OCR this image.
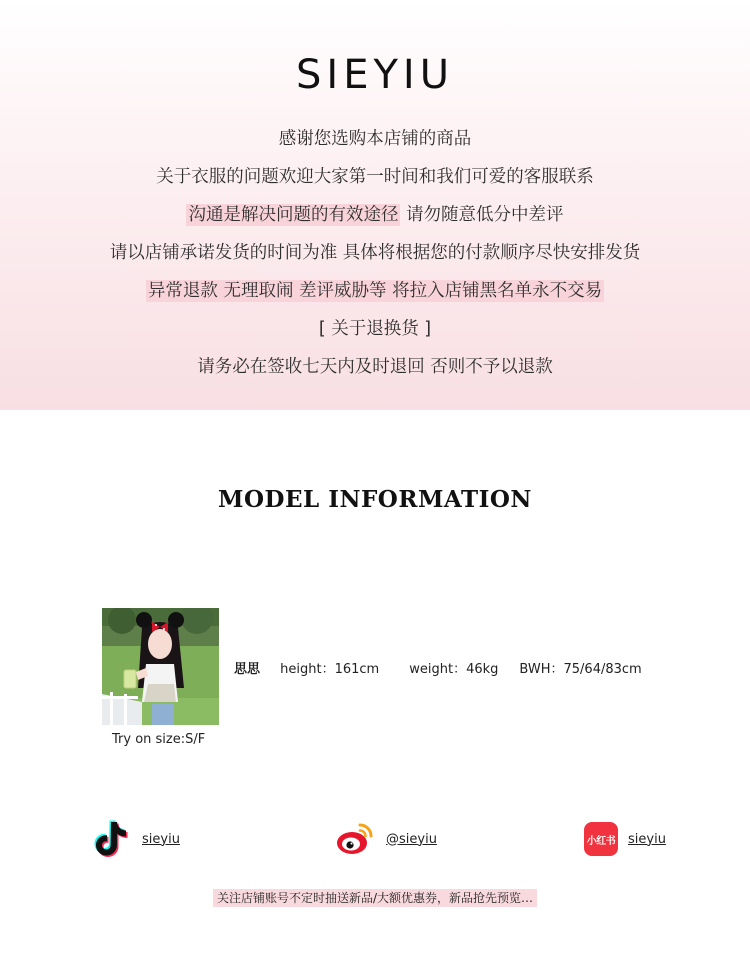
SIEYIU
感谢您选购本店铺的商品
关于衣服的问题欢迎大家第一时间和我们可爱的客服联系
沟通是解决问题的有效途径 请勿随意低分中差评
请以店铺承诺发货的时间为准 具体将根据您的付款顺序尽快安排发货
异常退款 无理取闹 差评威胁等 将拉入店铺黑名单永不交易
[ 关于退换货 ]
请务必在签收七天内及时退回 否则不予以退款
MODEL INFORMATION
思思 height：161cm weight：46kg BWH：75/64/83cm
Try on size:S/F
sieyiu	@sieyiu	小红书 sieyiu
关注店铺账号不定时抽送新品/大额优惠券，新品抢先预览…
